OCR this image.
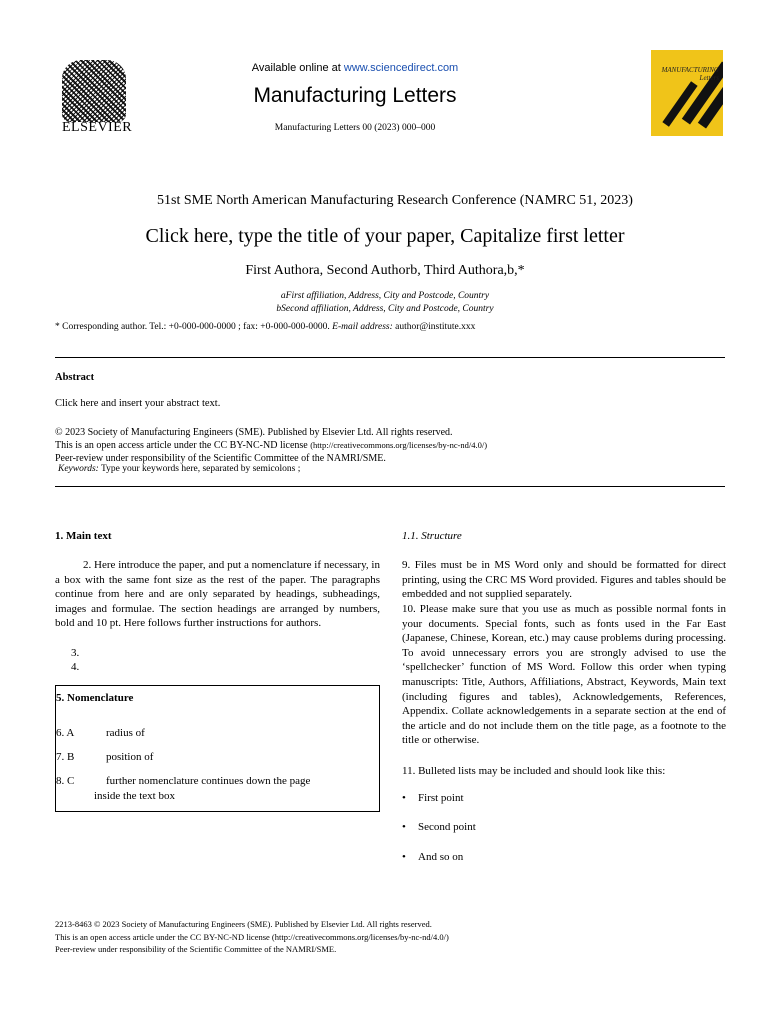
ELSEVIER
Available online at www.sciencedirect.com
Manufacturing Letters
Manufacturing Letters 00 (2023) 000–000
MANUFACTURING Letters
51st SME North American Manufacturing Research Conference (NAMRC 51, 2023)
Click here, type the title of your paper, Capitalize first letter
First Authora, Second Authorb, Third Authora,b,*
aFirst affiliation, Address, City and Postcode, Country
bSecond affiliation, Address, City and Postcode, Country
* Corresponding author. Tel.: +0-000-000-0000 ; fax: +0-000-000-0000. E-mail address: author@institute.xxx
Abstract
Click here and insert your abstract text.
© 2023 Society of Manufacturing Engineers (SME). Published by Elsevier Ltd. All rights reserved.
This is an open access article under the CC BY-NC-ND license (http://creativecommons.org/licenses/by-nc-nd/4.0/)
Peer-review under responsibility of the Scientific Committee of the NAMRI/SME.
Keywords: Type your keywords here, separated by semicolons ;
1. Main text
2. Here introduce the paper, and put a nomenclature if necessary, in a box with the same font size as the rest of the paper. The paragraphs continue from here and are only separated by headings, subheadings, images and formulae. The section headings are arranged by numbers, bold and 10 pt. Here follows further instructions for authors.
3.
4.
5. Nomenclature
6. A	radius of
7. B	position of
8. C	further nomenclature continues down the page
inside the text box
1.1. Structure
9. Files must be in MS Word only and should be formatted for direct printing, using the CRC MS Word provided. Figures and tables should be embedded and not supplied separately.
10. Please make sure that you use as much as possible normal fonts in your documents. Special fonts, such as fonts used in the Far East (Japanese, Chinese, Korean, etc.) may cause problems during processing. To avoid unnecessary errors you are strongly advised to use the ‘spellchecker’ function of MS Word. Follow this order when typing manuscripts: Title, Authors, Affiliations, Abstract, Keywords, Main text (including figures and tables), Acknowledgements, References, Appendix. Collate acknowledgements in a separate section at the end of the article and do not include them on the title page, as a footnote to the title or otherwise.
11. Bulleted lists may be included and should look like this:
• First point
• Second point
• And so on
2213-8463 © 2023 Society of Manufacturing Engineers (SME). Published by Elsevier Ltd. All rights reserved.
This is an open access article under the CC BY-NC-ND license (http://creativecommons.org/licenses/by-nc-nd/4.0/)
Peer-review under responsibility of the Scientific Committee of the NAMRI/SME.
